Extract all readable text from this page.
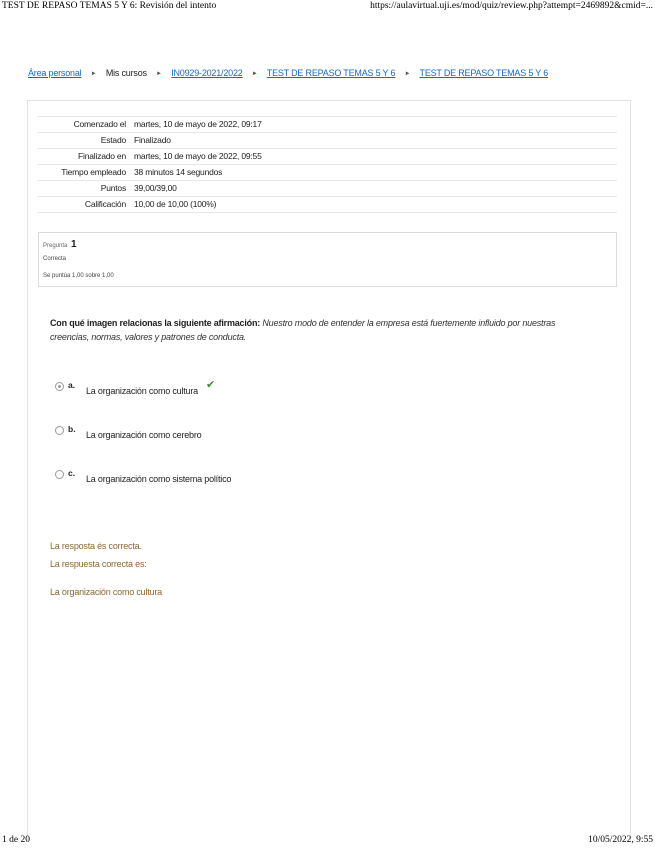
TEST DE REPASO TEMAS 5 Y 6: Revisión del intento	https://aulavirtual.uji.es/mod/quiz/review.php?attempt=2469892&cmid=...
Área personal ► Mis cursos ► IN0929-2021/2022 ► TEST DE REPASO TEMAS 5 Y 6 ► TEST DE REPASO TEMAS 5 Y 6
Comenzado el	martes, 10 de mayo de 2022, 09:17
Estado	Finalizado
Finalizado en	martes, 10 de mayo de 2022, 09:55
Tiempo empleado	38 minutos 14 segundos
Puntos	39,00/39,00
Calificación	10,00 de 10,00 (100%)
Pregunta 1
Correcta
Se puntúa 1,00 sobre 1,00
Con qué imagen relacionas la siguiente afirmación: Nuestro modo de entender la empresa está fuertemente influido por nuestras creencias, normas, valores y patrones de conducta.
a.
La organización como cultura ✔
b.
La organización como cerebro
c.
La organización como sistema político
La resposta és correcta.
La respuesta correcta es:
La organización como cultura
1 de 20	10/05/2022, 9:55
